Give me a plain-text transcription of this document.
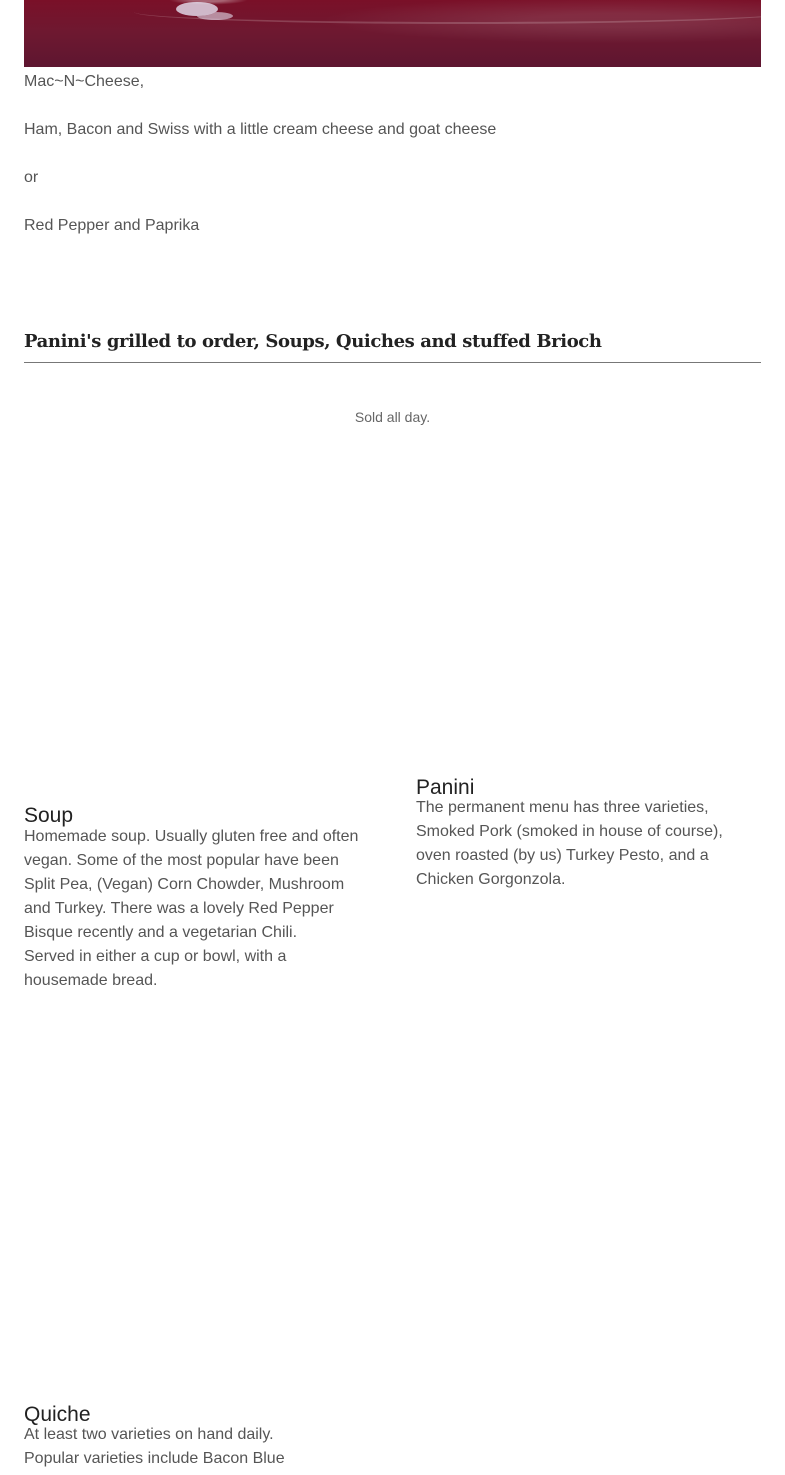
Mac~N~Cheese,
Ham, Bacon and Swiss with a little cream cheese and goat cheese
or
Red Pepper and Paprika
Panini's grilled to order, Soups, Quiches and stuffed Brioch
Sold all day.
Panini
The permanent menu has three varieties, Smoked Pork (smoked in house of course), oven roasted (by us) Turkey Pesto, and a Chicken Gorgonzola.
Soup
Homemade soup. Usually gluten free and often vegan. Some of the most popular have been Split Pea, (Vegan) Corn Chowder, Mushroom and Turkey. There was a lovely Red Pepper Bisque recently and a vegetarian Chili.
Served in either a cup or bowl, with a housemade bread.
Quiche
At least two varieties on hand daily.
Popular varieties include Bacon Blue
